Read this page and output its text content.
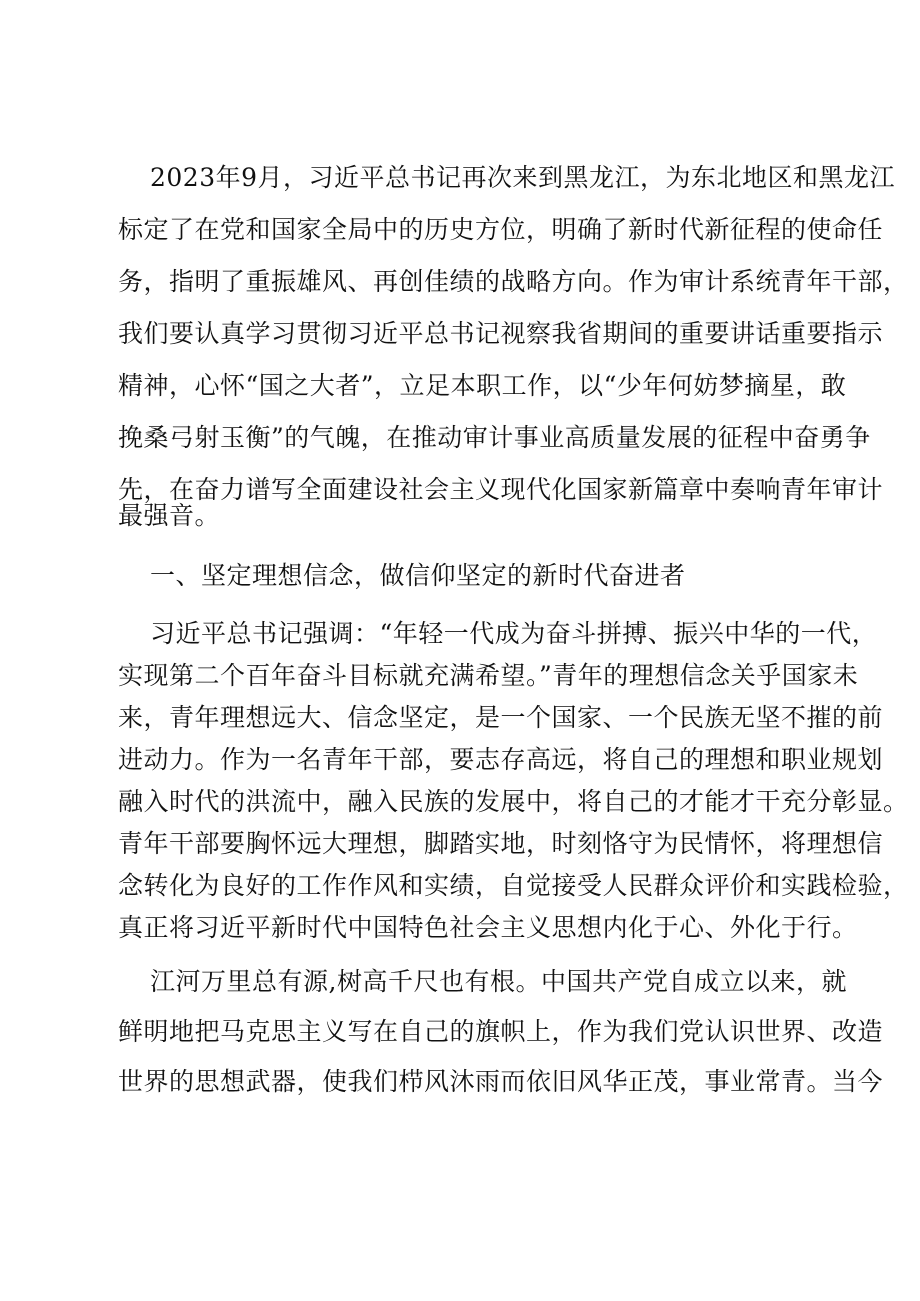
2023年9月，习近平总书记再次来到黑龙江，为东北地区和黑龙江
标定了在党和国家全局中的历史方位，明确了新时代新征程的使命任
务，指明了重振雄风、再创佳绩的战略方向。作为审计系统青年干部，
我们要认真学习贯彻习近平总书记视察我省期间的重要讲话重要指示
精神，心怀“国之大者”，立足本职工作，以“少年何妨梦摘星，敢
挽桑弓射玉衡”的气魄，在推动审计事业高质量发展的征程中奋勇争
先，在奋力谱写全面建设社会主义现代化国家新篇章中奏响青年审计
最强音。
一、坚定理想信念，做信仰坚定的新时代奋进者
习近平总书记强调：“年轻一代成为奋斗拼搏、振兴中华的一代，
实现第二个百年奋斗目标就充满希望。”青年的理想信念关乎国家未
来，青年理想远大、信念坚定，是一个国家、一个民族无坚不摧的前
进动力。作为一名青年干部，要志存高远，将自己的理想和职业规划
融入时代的洪流中，融入民族的发展中，将自己的才能才干充分彰显。
青年干部要胸怀远大理想，脚踏实地，时刻恪守为民情怀，将理想信
念转化为良好的工作作风和实绩，自觉接受人民群众评价和实践检验，
真正将习近平新时代中国特色社会主义思想内化于心、外化于行。
江河万里总有源,树高千尺也有根。中国共产党自成立以来，就
鲜明地把马克思主义写在自己的旗帜上，作为我们党认识世界、改造
世界的思想武器，使我们栉风沐雨而依旧风华正茂，事业常青。当今
